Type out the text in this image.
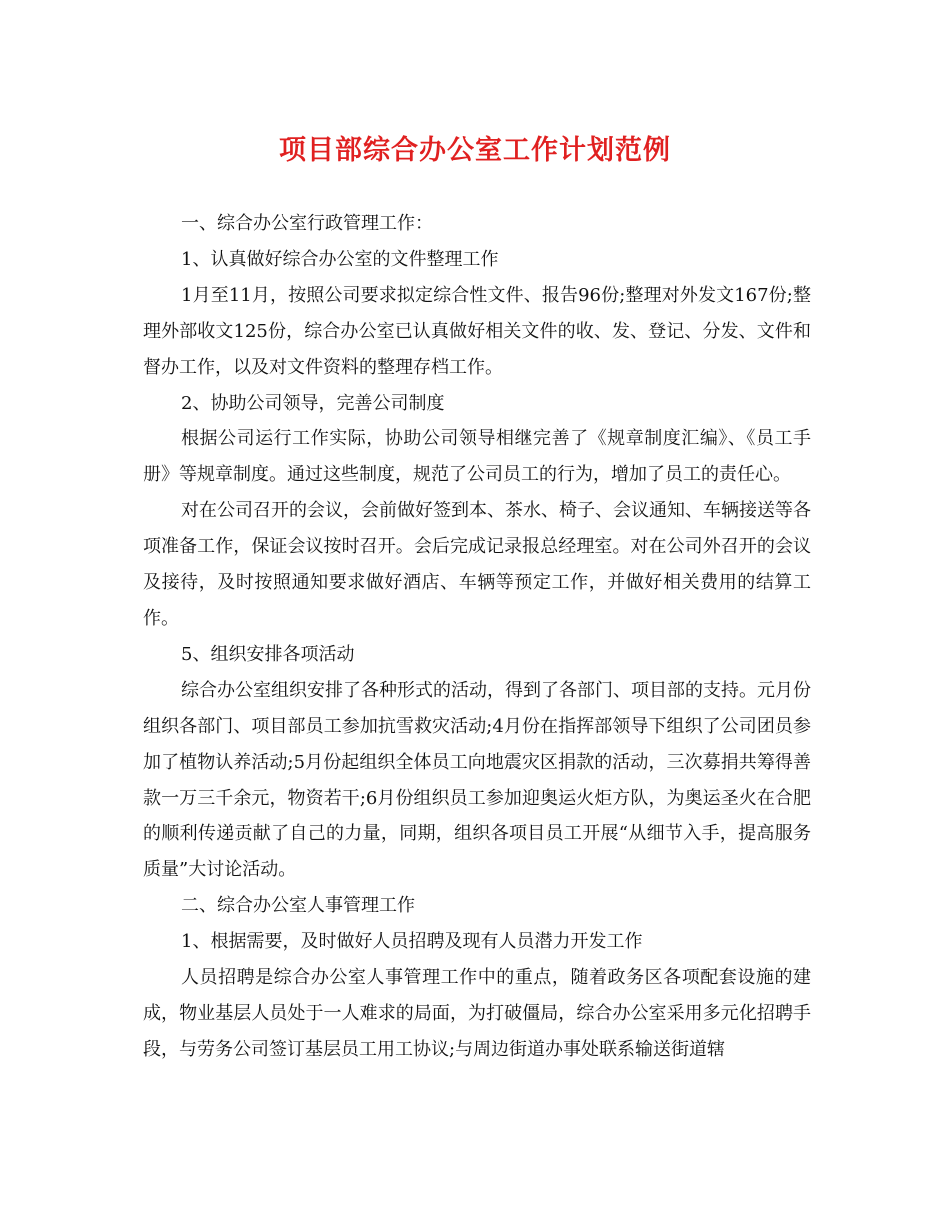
项目部综合办公室工作计划范例

一、综合办公室行政管理工作：

1、认真做好综合办公室的文件整理工作

1月至11月，按照公司要求拟定综合性文件、报告96份;整理对外发文167份;整理外部收文125份，综合办公室已认真做好相关文件的收、发、登记、分发、文件和督办工作，以及对文件资料的整理存档工作。

2、协助公司领导，完善公司制度

根据公司运行工作实际，协助公司领导相继完善了《规章制度汇编》、《员工手册》等规章制度。通过这些制度，规范了公司员工的行为，增加了员工的责任心。

对在公司召开的会议，会前做好签到本、茶水、椅子、会议通知、车辆接送等各项准备工作，保证会议按时召开。会后完成记录报总经理室。对在公司外召开的会议及接待，及时按照通知要求做好酒店、车辆等预定工作，并做好相关费用的结算工作。

5、组织安排各项活动

综合办公室组织安排了各种形式的活动，得到了各部门、项目部的支持。元月份组织各部门、项目部员工参加抗雪救灾活动;4月份在指挥部领导下组织了公司团员参加了植物认养活动;5月份起组织全体员工向地震灾区捐款的活动，三次募捐共筹得善款一万三千余元，物资若干;6月份组织员工参加迎奥运火炬方队，为奥运圣火在合肥的顺利传递贡献了自己的力量，同期，组织各项目员工开展“从细节入手，提高服务质量”大讨论活动。

二、综合办公室人事管理工作

1、根据需要，及时做好人员招聘及现有人员潜力开发工作

人员招聘是综合办公室人事管理工作中的重点，随着政务区各项配套设施的建成，物业基层人员处于一人难求的局面，为打破僵局，综合办公室采用多元化招聘手段，与劳务公司签订基层员工用工协议;与周边街道办事处联系输送街道辖
